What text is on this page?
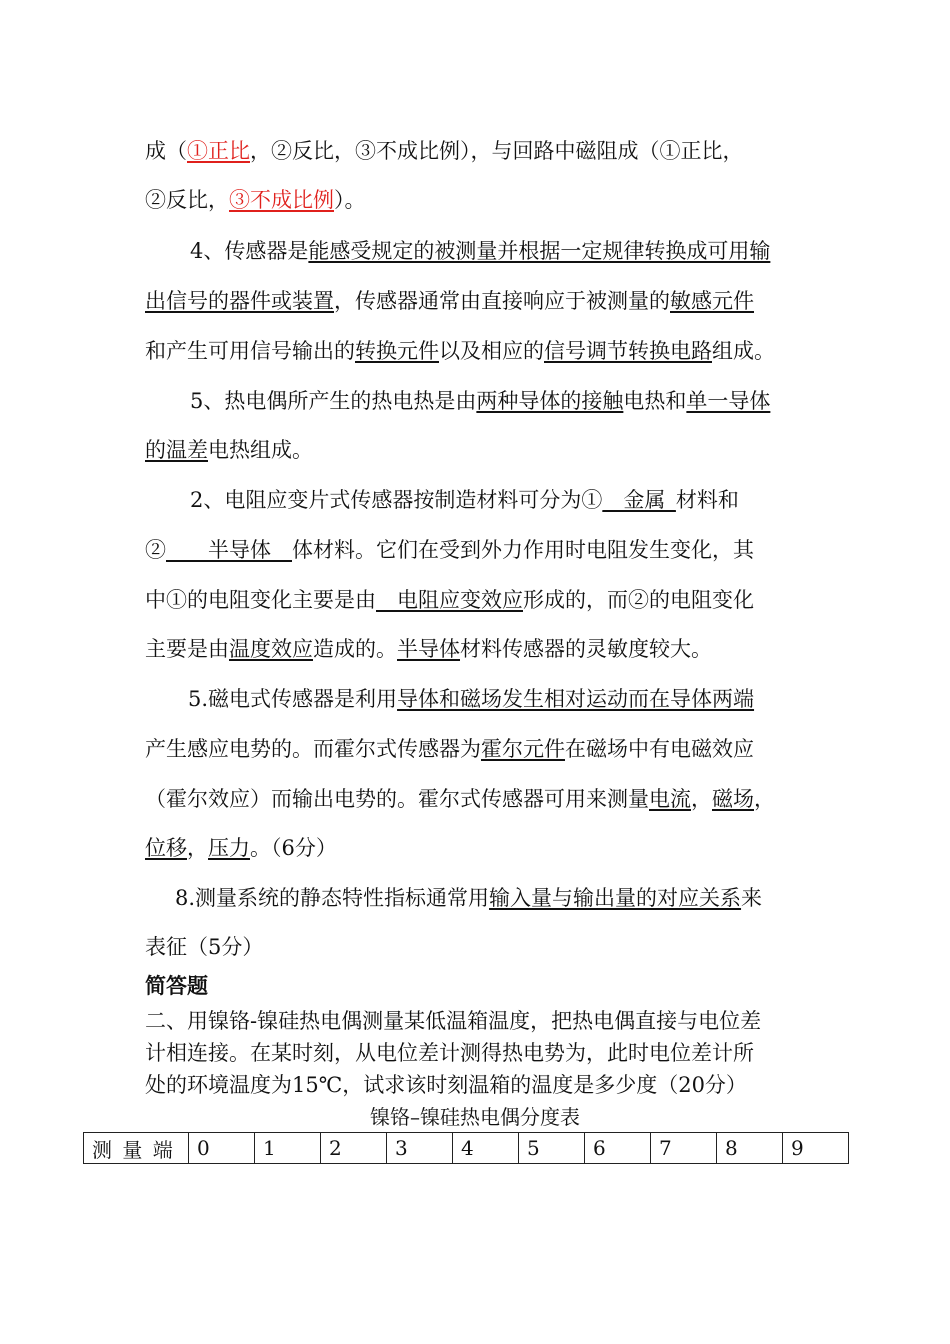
成（①正比，②反比，③不成比例），与回路中磁阻成（①正比，
②反比，③不成比例）。
4、传感器是能感受规定的被测量并根据一定规律转换成可用输
出信号的器件或装置，传感器通常由直接响应于被测量的敏感元件
和产生可用信号输出的转换元件以及相应的信号调节转换电路组成。
5、热电偶所产生的热电热是由两种导体的接触电热和单一导体
的温差电热组成。
2、电阻应变片式传感器按制造材料可分为①__金属_材料和
②____半导体__体材料。它们在受到外力作用时电阻发生变化，其
中①的电阻变化主要是由__电阻应变效应形成的，而②的电阻变化
主要是由温度效应造成的。半导体材料传感器的灵敏度较大。
5.磁电式传感器是利用导体和磁场发生相对运动而在导体两端
产生感应电势的。而霍尔式传感器为霍尔元件在磁场中有电磁效应
（霍尔效应）而输出电势的。霍尔式传感器可用来测量电流，磁场，
位移，压力。（6分）
8.测量系统的静态特性指标通常用输入量与输出量的对应关系来
表征（5分）
简答题
二、用镍铬-镍硅热电偶测量某低温箱温度，把热电偶直接与电位差
计相连接。在某时刻，从电位差计测得热电势为，此时电位差计所
处的环境温度为15℃，试求该时刻温箱的温度是多少度（20分）
镍铬–镍硅热电偶分度表
测 量 端	0	1	2	3	4	5	6	7	8	9
